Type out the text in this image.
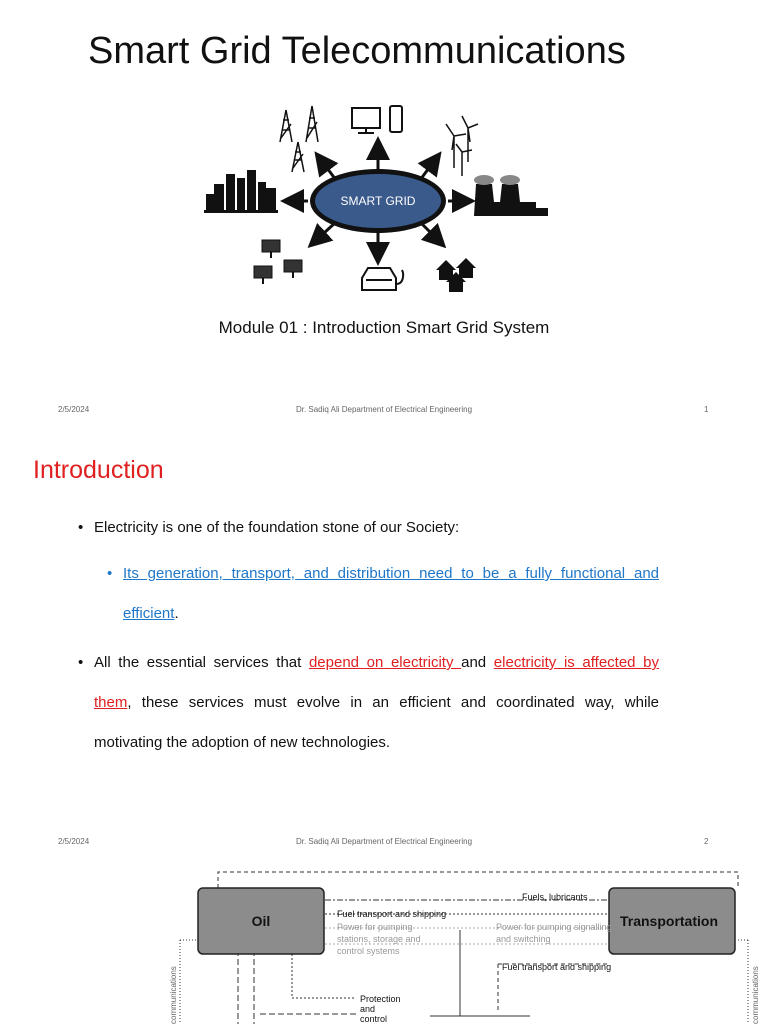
Smart Grid Telecommunications
SMART GRID
Module 01 : Introduction Smart Grid System
2/5/2024	Dr. Sadiq Ali Department of Electrical Engineering	1
Introduction
• Electricity is one of the foundation stone of our Society:
• Its generation, transport, and distribution need to be a fully functional and efficient.
• All the essential services that depend on electricity and electricity is affected by them, these services must evolve in an efficient and coordinated way, while motivating the adoption of new technologies.
2/5/2024	Dr. Sadiq Ali Department of Electrical Engineering	2
Oil	Transportation
Fuels, lubricants
Fuel transport and shipping
Power for pumping stations, storage and control systems
Power for pumping signalling and switching
Fuel transport and shipping
Protection and control
communications	communications
